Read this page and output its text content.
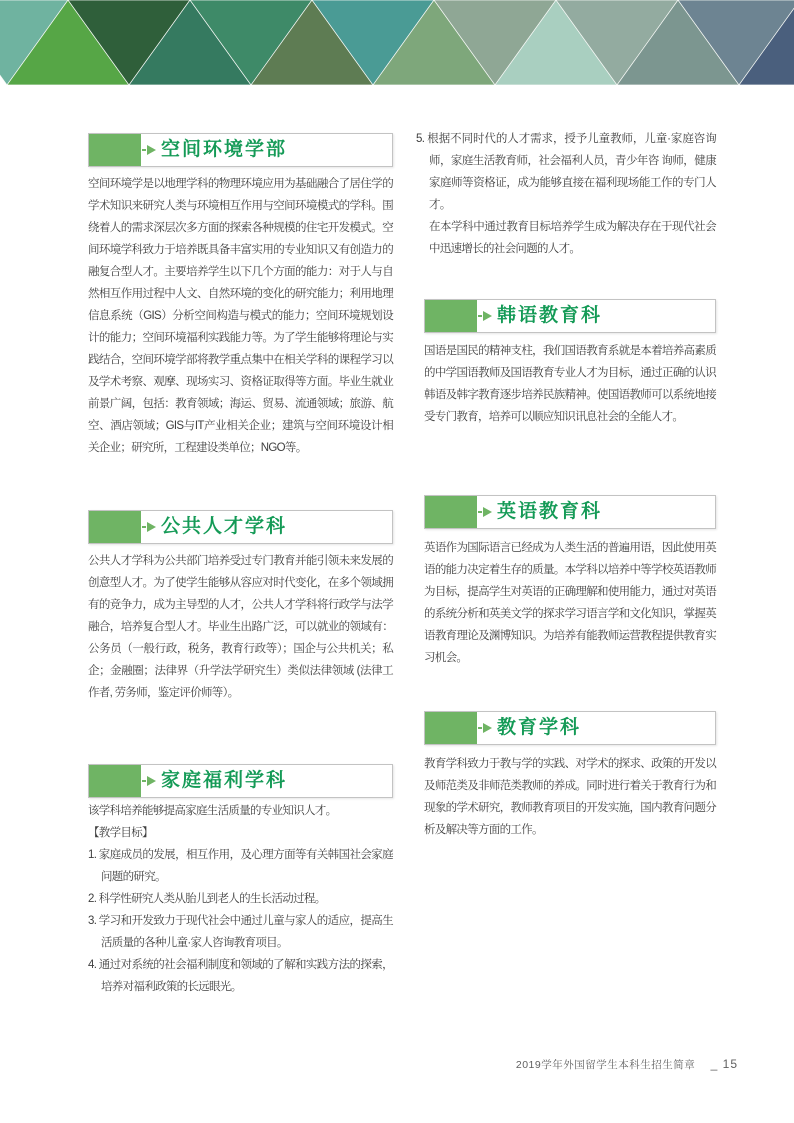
空间环境学部

空间环境学是以地理学科的物理环境应用为基础融合了居住学的学术知识来研究人类与环境相互作用与空间环境模式的学科。围绕着人的需求深层次多方面的探索各种规模的住宅开发模式。空间环境学科致力于培养既具备丰富实用的专业知识又有创造力的融复合型人才。主要培养学生以下几个方面的能力：对于人与自然相互作用过程中人文、自然环境的变化的研究能力；利用地理信息系统（GIS）分析空间构造与模式的能力；空间环境规划设计的能力；空间环境福利实践能力等。为了学生能够将理论与实践结合，空间环境学部将教学重点集中在相关学科的课程学习以及学术考察、观摩、现场实习、资格证取得等方面。毕业生就业前景广阔，包括：教育领域；海运、贸易、流通领域；旅游、航空、酒店领域；GIS与IT产业相关企业；建筑与空间环境设计相关企业；研究所，工程建设类单位；NGO等。

公共人才学科

公共人才学科为公共部门培养受过专门教育并能引领未来发展的创意型人才。为了使学生能够从容应对时代变化，在多个领域拥有的竞争力，成为主导型的人才，公共人才学科将行政学与法学融合，培养复合型人才。毕业生出路广泛，可以就业的领域有：公务员（一般行政，税务，教育行政等）；国企与公共机关；私企；金融圈；法律界（升学法学研究生）类似法律领域 (法律工作者, 劳务师，鉴定评价师等）。

家庭福利学科

该学科培养能够提高家庭生活质量的专业知识人才。

【教学目标】

1. 家庭成员的发展，相互作用，及心理方面等有关韩国社会家庭问题的研究。
2. 科学性研究人类从胎儿到老人的生长活动过程。
3. 学习和开发致力于现代社会中通过儿童与家人的适应，提高生活质量的各种儿童·家人咨询教育项目。
4. 通过对系统的社会福利制度和领域的了解和实践方法的探索，培养对福利政策的长远眼光。
5. 根据不同时代的人才需求，授予儿童教师，儿童·家庭咨询师，家庭生活教育师，社会福利人员，青少年咨 询师，健康家庭师等资格证，成为能够直接在福利现场能工作的专门人才。
在本学科中通过教育目标培养学生成为解决存在于现代社会中迅速增长的社会问题的人才。
韩语教育科

国语是国民的精神支柱，我们国语教育系就是本着培养高素质的中学国语教师及国语教育专业人才为目标，通过正确的认识韩语及韩字教育逐步培养民族精神。使国语教师可以系统地接受专门教育，培养可以顺应知识讯息社会的全能人才。

英语教育科

英语作为国际语言已经成为人类生活的普遍用语，因此使用英语的能力决定着生存的质量。本学科以培养中等学校英语教师为目标，提高学生对英语的正确理解和使用能力，通过对英语的系统分析和英美文学的探求学习语言学和文化知识，掌握英语教育理论及渊博知识。为培养有能教师运营教程提供教育实习机会。

教育学科

教育学科致力于教与学的实践、对学术的探求、政策的开发以及师范类及非师范类教师的养成。同时进行着关于教育行为和现象的学术研究，教师教育项目的开发实施，国内教育问题分析及解决等方面的工作。

2019学年外国留学生本科生招生简章 _ 15
